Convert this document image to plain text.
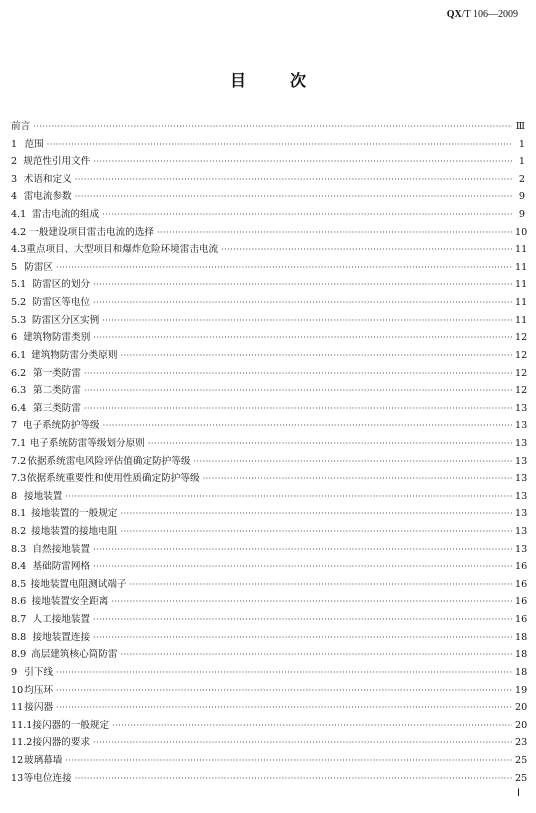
QX/T 106—2009
目	次
前言 ·····	Ⅲ
1 范围 ·····	1
2 规范性引用文件 ·····	1
3 术语和定义 ·····	2
4 雷电流参数 ·····	9
4.1 雷击电流的组成 ·····	9
4.2 一般建设项目雷击电流的选择 ·····	10
4.3 重点项目、大型项目和爆炸危险环境雷击电流 ·····	11
5 防雷区 ·····	11
5.1 防雷区的划分 ·····	11
5.2 防雷区等电位 ·····	11
5.3 防雷区分区实例 ·····	11
6 建筑物防雷类别 ·····	12
6.1 建筑物防雷分类原则 ·····	12
6.2 第一类防雷 ·····	12
6.3 第二类防雷 ·····	12
6.4 第三类防雷 ·····	13
7 电子系统防护等级 ·····	13
7.1 电子系统防雷等级划分原则 ·····	13
7.2 依据系统雷电风险评估值确定防护等级 ·····	13
7.3 依据系统重要性和使用性质确定防护等级 ·····	13
8 接地装置 ·····	13
8.1 接地装置的一般规定 ·····	13
8.2 接地装置的接地电阻 ·····	13
8.3 自然接地装置 ·····	13
8.4 基础防雷网格 ·····	16
8.5 接地装置电阻测试端子 ·····	16
8.6 接地装置安全距离 ·····	16
8.7 人工接地装置 ·····	16
8.8 接地装置连接 ·····	18
8.9 高层建筑核心筒防雷 ·····	18
9 引下线 ·····	18
10 均压环 ·····	19
11 接闪器 ·····	20
11.1 接闪器的一般规定 ·····	20
11.2 接闪器的要求 ·····	23
12 玻璃幕墙 ·····	25
13 等电位连接 ·····	25
Ⅰ
